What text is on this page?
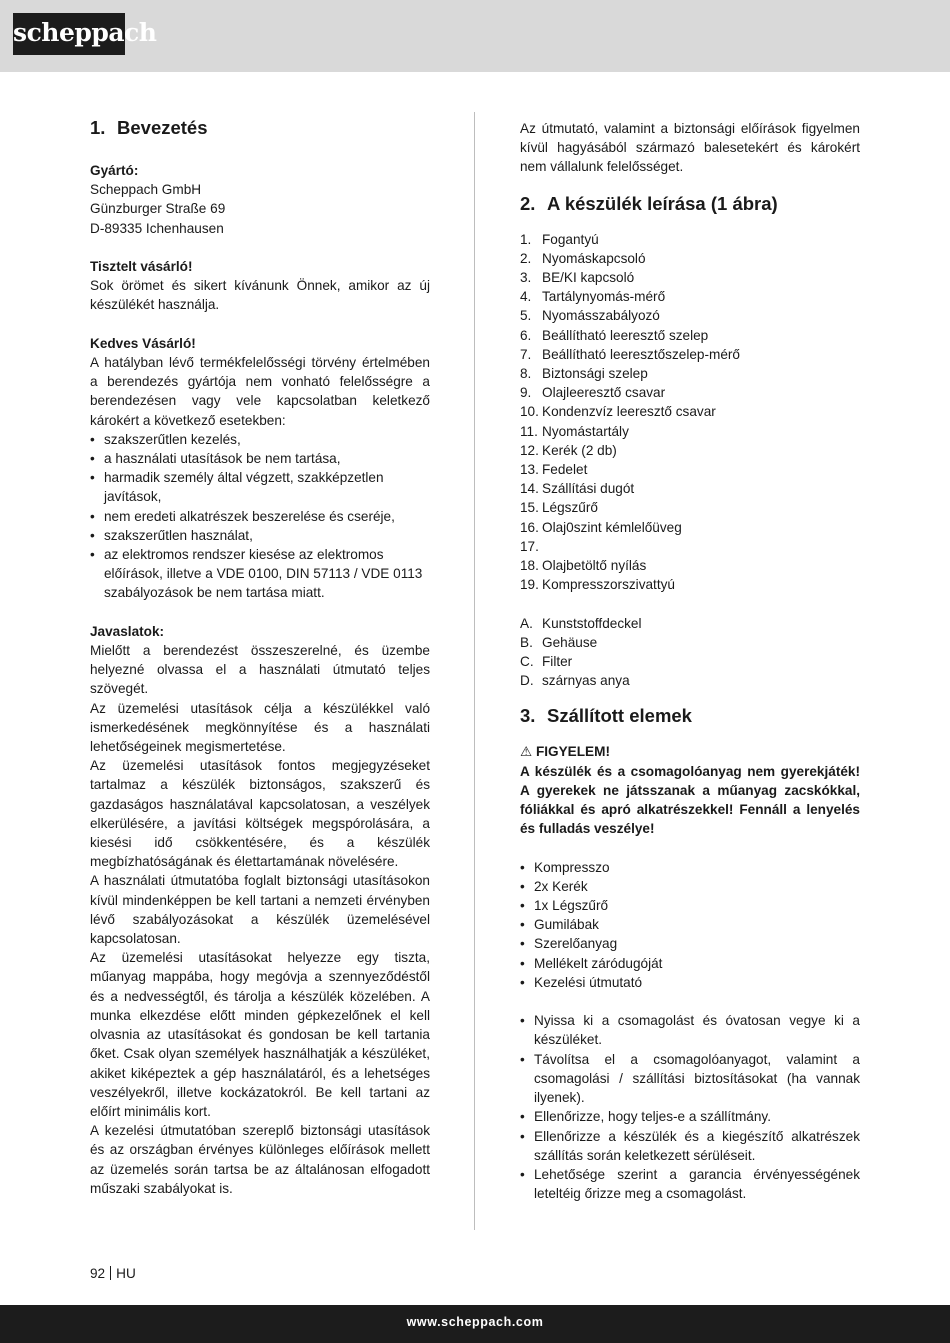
scheppach
1. Bevezetés

Gyártó:

Scheppach GmbH

Günzburger Straße 69

D-89335 Ichenhausen

Tisztelt vásárló!

Sok örömet és sikert kívánunk Önnek, amikor az új készülékét használja.

Kedves Vásárló!

A hatályban lévő termékfelelősségi törvény értelmében a berendezés gyártója nem vonható felelősségre a berendezésen vagy vele kapcsolatban keletkező károkért a következő esetekben:

• szakszerűtlen kezelés,
• a használati utasítások be nem tartása,
• harmadik személy által végzett, szakképzetlen javítások,
• nem eredeti alkatrészek beszerelése és cseréje,
• szakszerűtlen használat,
• az elektromos rendszer kiesése az elektromos előírások, illetve a VDE 0100, DIN 57113 / VDE 0113 szabályozások be nem tartása miatt.

Javaslatok:

Mielőtt a berendezést összeszerelné, és üzembe helyezné olvassa el a használati útmutató teljes szövegét.

Az üzemelési utasítások célja a készülékkel való ismerkedésének megkönnyítése és a használati lehetőségeinek megismertetése.

Az üzemelési utasítások fontos megjegyzéseket tartalmaz a készülék biztonságos, szakszerű és gazdaságos használatával kapcsolatosan, a veszélyek elkerülésére, a javítási költségek megspórolására, a kiesési idő csökkentésére, és a készülék megbízhatóságának és élettartamának növelésére.

A használati útmutatóba foglalt biztonsági utasításokon kívül mindenképpen be kell tartani a nemzeti érvényben lévő szabályozásokat a készülék üzemelésével kapcsolatosan.

Az üzemelési utasításokat helyezze egy tiszta, műanyag mappába, hogy megóvja a szennyeződéstől és a nedvességtől, és tárolja a készülék közelében. A munka elkezdése előtt minden gépkezelőnek el kell olvasnia az utasításokat és gondosan be kell tartania őket. Csak olyan személyek használhatják a készüléket, akiket kiképeztek a gép használatáról, és a lehetséges veszélyekről, illetve kockázatokról. Be kell tartani az előírt minimális kort.

A kezelési útmutatóban szereplő biztonsági utasítások és az országban érvényes különleges előírások mellett az üzemelés során tartsa be az általánosan elfogadott műszaki szabályokat is.

Az útmutató, valamint a biztonsági előírások figyelmen kívül hagyásából származó balesetekért és károkért nem vállalunk felelősséget.

2. A készülék leírása (1 ábra)
1. Fogantyú
2. Nyomáskapcsoló
3. BE/KI kapcsoló
4. Tartálynyomás-mérő
5. Nyomásszabályozó
6. Beállítható leeresztő szelep
7. Beállítható leeresztőszelep-mérő
8. Biztonsági szelep
9. Olajleeresztő csavar
10. Kondenzvíz leeresztő csavar
11. Nyomástartály
12. Kerék (2 db)
13. Fedelet
14. Szállítási dugót
15. Légszűrő
16. Olaj0szint kémlelőüveg
17.
18. Olajbetöltő nyílás
19. Kompresszorszivattyú
A. Kunststoffdeckel
B. Gehäuse
C. Filter
D. szárnyas anya
3. Szállított elemek

⚠ FIGYELEM!

A készülék és a csomagolóanyag nem gyerekjáték! A gyerekek ne játsszanak a műanyag zacskókkal, fóliákkal és apró alkatrészekkel! Fennáll a lenyelés és fulladás veszélye!

• Kompresszo
• 2x Kerék
• 1x Légszűrő
• Gumilábak
• Szerelőanyag
• Mellékelt záródugóját
• Kezelési útmutató
• Nyissa ki a csomagolást és óvatosan vegye ki a készüléket.
• Távolítsa el a csomagolóanyagot, valamint a csomagolási / szállítási biztosításokat (ha vannak ilyenek).
• Ellenőrizze, hogy teljes-e a szállítmány.
• Ellenőrizze a készülék és a kiegészítő alkatrészek szállítás során keletkezett sérüléseit.
• Lehetősége szerint a garancia érvényességének leteltéig őrizze meg a csomagolást.
92 HU
www.scheppach.com
